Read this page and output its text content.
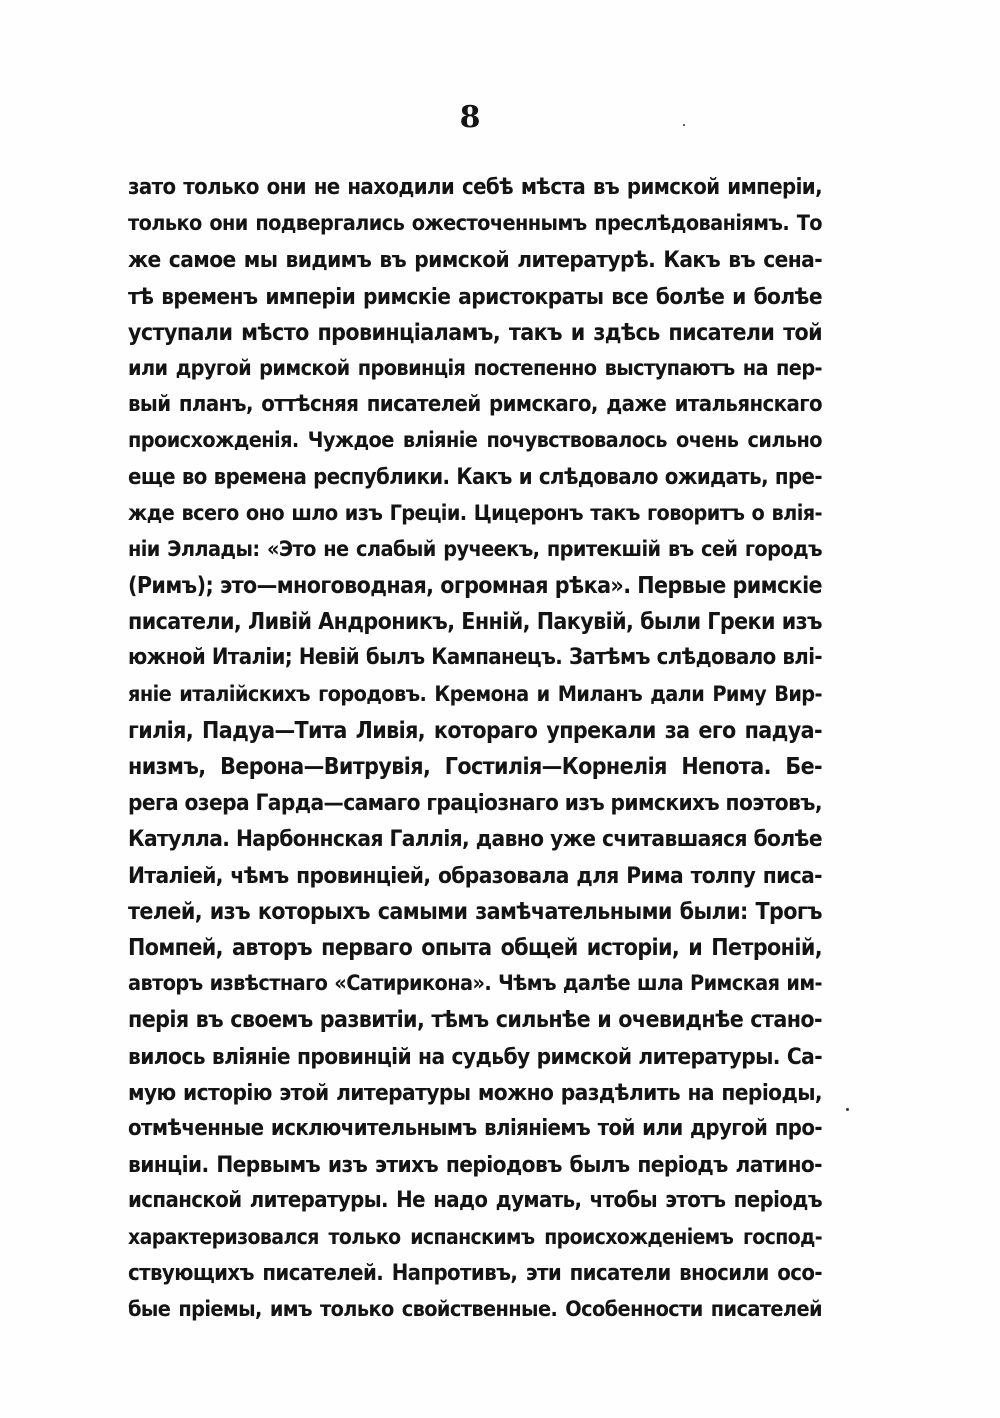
8
зато только они не находили себѣ мѣста въ римской имперіи,
только они подвергались ожесточеннымъ преслѣдованіямъ. То
же самое мы видимъ въ римской литературѣ. Какъ въ сена-
тѣ временъ имперіи римскіе аристократы все болѣе и болѣе
уступали мѣсто провинціаламъ, такъ и здѣсь писатели той
или другой римской провинція постепенно выступаютъ на пер-
вый планъ, оттѣсняя писателей римскаго, даже итальянскаго
происхожденія. Чуждое вліяніе почувствовалось очень сильно
еще во времена республики. Какъ и слѣдовало ожидать, пре-
жде всего оно шло изъ Греціи. Цицеронъ такъ говоритъ о влія-
ніи Эллады: «Это не слабый ручеекъ, притекшій въ сей городъ
(Римъ); это—многоводная, огромная рѣка». Первые римскіе
писатели, Ливій Андроникъ, Енній, Пакувій, были Греки изъ
южной Италіи; Невій былъ Кампанецъ. Затѣмъ слѣдовало влі-
яніе италійскихъ городовъ. Кремона и Миланъ дали Риму Вир-
гилія, Падуа—Тита Ливія, котораго упрекали за его падуа-
низмъ, Верона—Витрувія, Гостилія—Корнелія Непота. Бе-
рега озера Гарда—самаго граціознаго изъ римскихъ поэтовъ,
Катулла. Нарбоннская Галлія, давно уже считавшаяся болѣе
Италіей, чѣмъ провинціей, образовала для Рима толпу писа-
телей, изъ которыхъ самыми замѣчательными были: Трогъ
Помпей, авторъ перваго опыта общей исторіи, и Петроній,
авторъ извѣстнаго «Сатирикона». Чѣмъ далѣе шла Римская им-
перія въ своемъ развитіи, тѣмъ сильнѣе и очевиднѣе стано-
вилось вліяніе провинцій на судьбу римской литературы. Са-
мую исторію этой литературы можно раздѣлить на періоды,
отмѣченные исключительнымъ вліяніемъ той или другой про-
винціи. Первымъ изъ этихъ періодовъ былъ періодъ латино-
испанской литературы. Не надо думать, чтобы этотъ періодъ
характеризовался только испанскимъ происхожденіемъ господ-
ствующихъ писателей. Напротивъ, эти писатели вносили осо-
бые пріемы, имъ только свойственные. Особенности писателей
